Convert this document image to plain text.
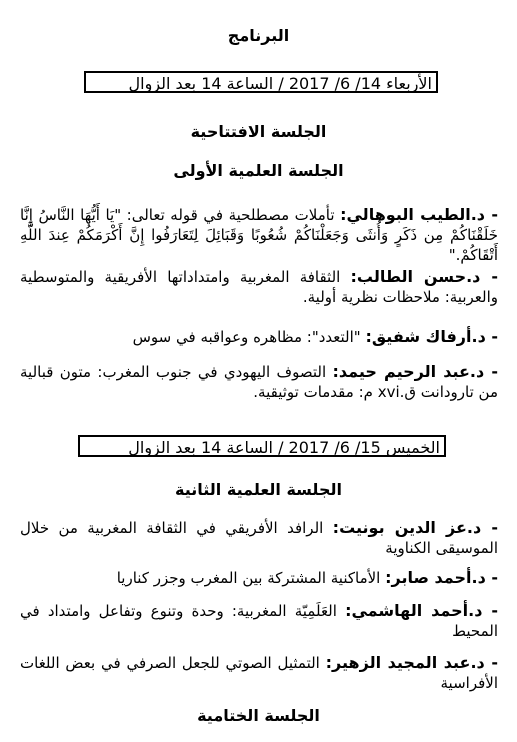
البرنامج
الأربعاء 14/ 6/ 2017 / الساعة 14 بعد الزوال
الجلسة الافتتاحية
الجلسة العلمية الأولى
- د.الطيب البوهالي: تأملات مصطلحية في قوله تعالى: "يَا أَيُّهَا النَّاسُ إِنَّا خَلَقْنَاكُمْ مِن ذَكَرٍ وَأُنثَى وَجَعَلْنَاكُمْ شُعُوبًا وَقَبَائِلَ لِتَعَارَفُوا إِنَّ أَكْرَمَكُمْ عِندَ اللَّهِ أَتْقَاكُمْ."
- د.حسن الطالب: الثقافة المغربية وامتداداتها الأفريقية والمتوسطية والعربية: ملاحظات نظرية أولية.
- د.أرفاك شفيق: "التعدد": مظاهره وعواقبه في سوس
- د.عبد الرحيم حيمد: التصوف اليهودي في جنوب المغرب: متون قبالية من تارودانت ق.xvi م: مقدمات توثيقية.
الخميس 15/ 6/ 2017 / الساعة 14 بعد الزوال
الجلسة العلمية الثانية
- د.عز الدين بونيت: الرافد الأفريقي في الثقافة المغربية من خلال الموسيقى الكناوية
- د.أحمد صابر: الأماكنية المشتركة بين المغرب وجزر كناريا
- د.أحمد الهاشمي: العَلَمِيّة المغربية: وحدة وتنوع وتفاعل وامتداد في المحيط
- د.عبد المجيد الزهير: التمثيل الصوتي للجعل الصرفي في بعض اللغات الأفراسية
الجلسة الختامية
